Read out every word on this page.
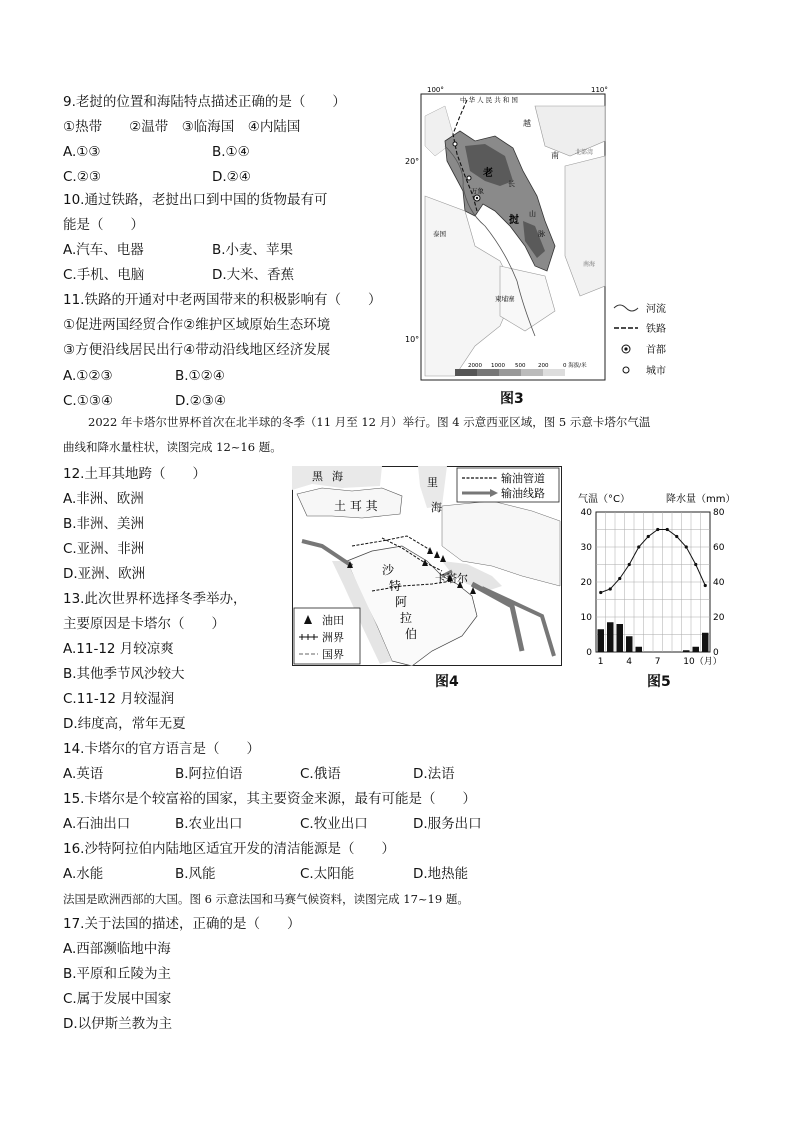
9.老挝的位置和海陆特点描述正确的是（　　）
①热带　　②温带　③临海国　④内陆国
A.①③	B.①④
C.②③	D.②④
10.通过铁路，老挝出口到中国的货物最有可
能是（　　）
A.汽车、电器	B.小麦、苹果
C.手机、电脑	D.大米、香蕉
11.铁路的开通对中老两国带来的积极影响有（　　）
①促进两国经贸合作②维护区域原始生态环境
③方便沿线居民出行④带动沿线地区经济发展
A.①②③	B.①②④
C.①③④	D.②③④
100°	110°
20°
10°
中 华 人 民 共 和 国
越
南	北部湾
南海
老
挝
长
山
脉
万象
泰国
柬埔寨
2000 1000 500 200	0 海拔/米
河流
铁路
首都
城市
图3
2022 年卡塔尔世界杯首次在北半球的冬季（11 月至 12 月）举行。图 4 示意西亚区域，图 5 示意卡塔尔气温
曲线和降水量柱状，读图完成 12~16 题。
12.土耳其地跨（　　）
A.非洲、欧洲
B.非洲、美洲
C.亚洲、非洲
D.亚洲、欧洲
13.此次世界杯选择冬季举办，
主要原因是卡塔尔（　　）
A.11-12 月较凉爽
B.其他季节风沙较大
C.11-12 月较湿润
D.纬度高，常年无夏
黑 海	里
海
土 耳 其
沙
特
阿
拉
伯
卡塔尔
输油管道
输油线路
油田
洲界
国界
图4
气温（°C）	降水量（mm）
0
10
20
30
40
0
20
40
60
80
1	4	7	10（月）
图5
14.卡塔尔的官方语言是（　　）
A.英语	B.阿拉伯语	C.俄语	D.法语
15.卡塔尔是个较富裕的国家，其主要资金来源，最有可能是（　　）
A.石油出口	B.农业出口	C.牧业出口	D.服务出口
16.沙特阿拉伯内陆地区适宜开发的清洁能源是（　　）
A.水能	B.风能	C.太阳能	D.地热能
法国是欧洲西部的大国。图 6 示意法国和马赛气候资料，读图完成 17~19 题。
17.关于法国的描述，正确的是（　　）
A.西部濒临地中海
B.平原和丘陵为主
C.属于发展中国家
D.以伊斯兰教为主
